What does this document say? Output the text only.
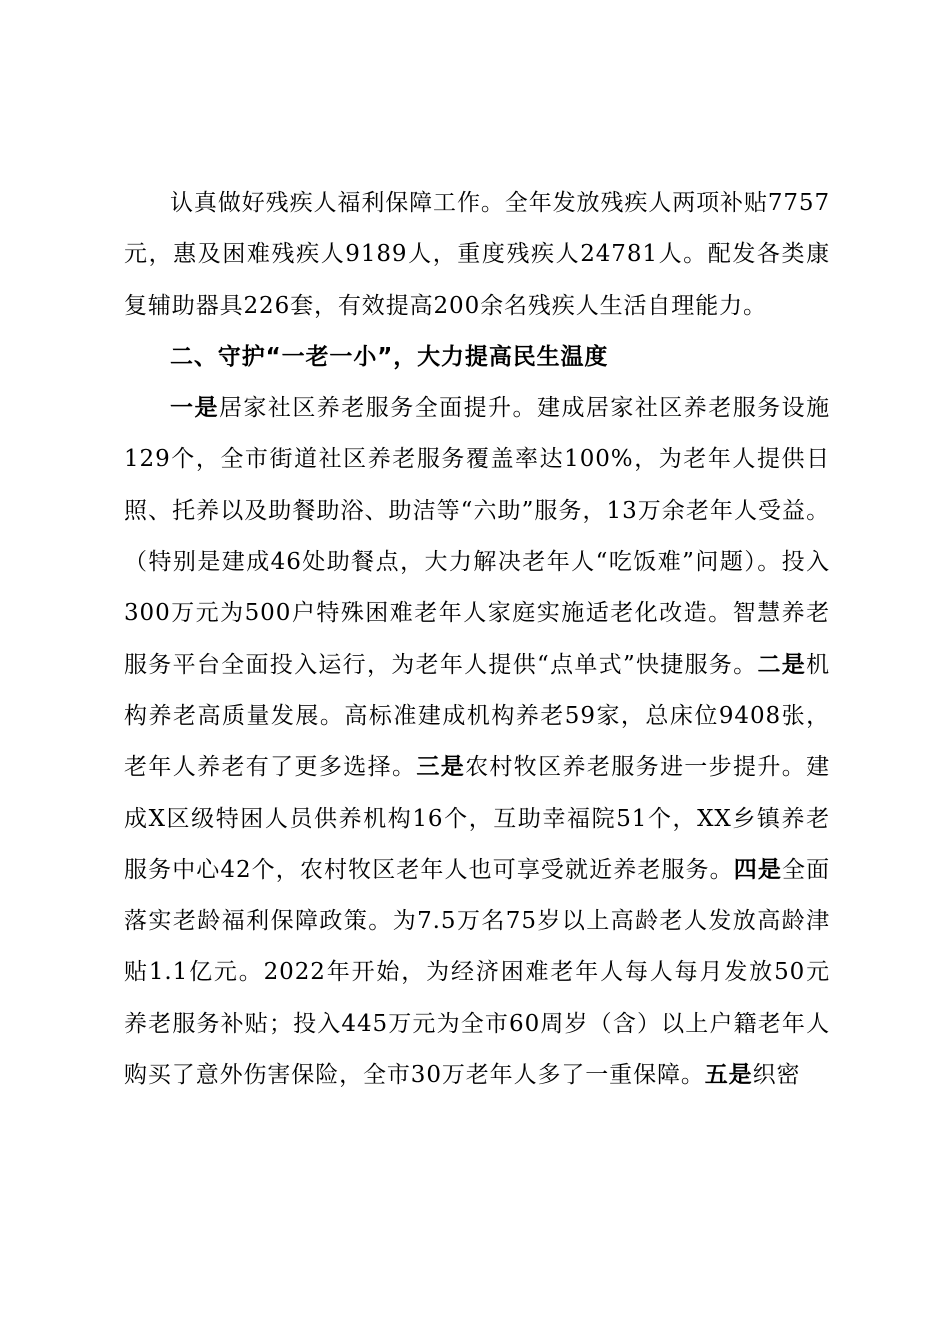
认真做好残疾人福利保障工作。全年发放残疾人两项补贴7757元，惠及困难残疾人9189人，重度残疾人24781人。配发各类康复辅助器具226套，有效提高200余名残疾人生活自理能力。

二、守护“一老一小”，大力提高民生温度

一是居家社区养老服务全面提升。建成居家社区养老服务设施129个，全市街道社区养老服务覆盖率达100%，为老年人提供日照、托养以及助餐助浴、助洁等“六助”服务，13万余老年人受益。（特别是建成46处助餐点，大力解决老年人“吃饭难”问题）。投入300万元为500户特殊困难老年人家庭实施适老化改造。智慧养老服务平台全面投入运行，为老年人提供“点单式”快捷服务。二是机构养老高质量发展。高标准建成机构养老59家，总床位9408张，老年人养老有了更多选择。三是农村牧区养老服务进一步提升。建成X区级特困人员供养机构16个，互助幸福院51个，XX乡镇养老服务中心42个，农村牧区老年人也可享受就近养老服务。四是全面落实老龄福利保障政策。为7.5万名75岁以上高龄老人发放高龄津贴1.1亿元。2022年开始，为经济困难老年人每人每月发放50元养老服务补贴；投入445万元为全市60周岁（含）以上户籍老年人购买了意外伤害保险，全市30万老年人多了一重保障。五是织密
